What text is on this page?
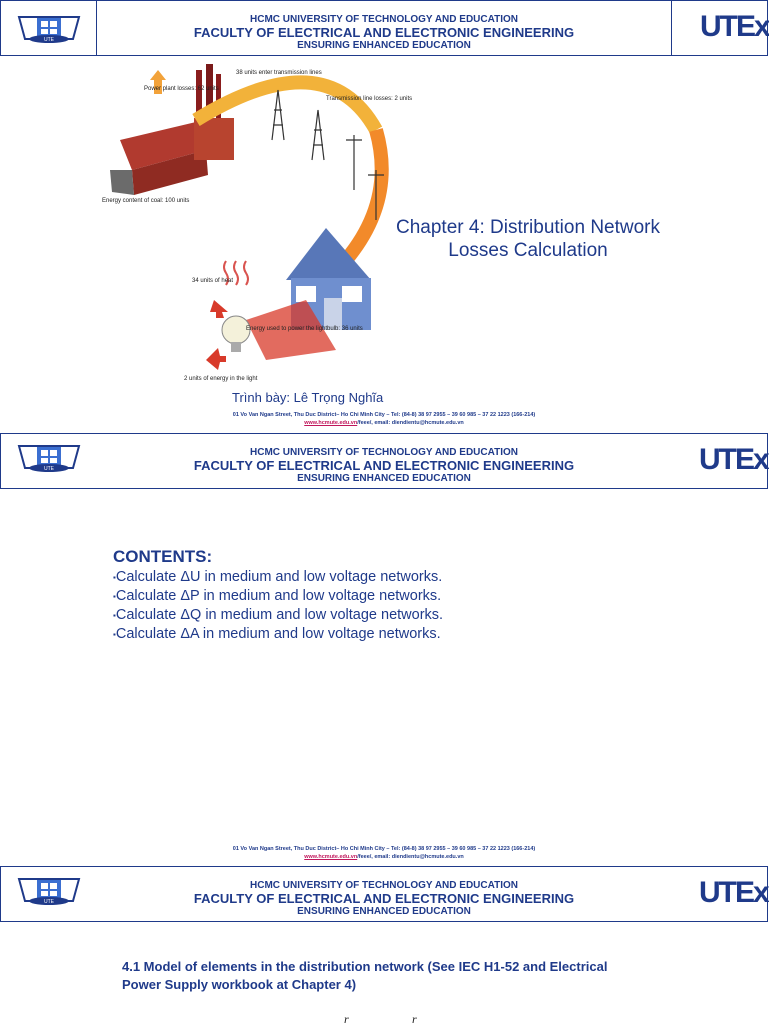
UTE
HCMC UNIVERSITY OF TECHNOLOGY AND EDUCATION
FACULTY OF ELECTRICAL AND ELECTRONIC ENGINEERING
ENSURING ENHANCED EDUCATION
UTEx
Power plant losses: 62 units
38 units enter transmission lines
Transmission line losses: 2 units
Energy content of coal: 100 units
34 units of heat
Energy used to power the lightbulb: 36 units
2 units of energy in the light
Chapter 4: Distribution Network Losses Calculation
Trình bày: Lê Trọng Nghĩa
01 Vo Van Ngan Street, Thu Duc District– Ho Chi Minh City – Tel: (84-8) 38 97 2955 – 39 60 985 – 37 22 1223 (166-214)
www.hcmute.edu.vn/feee/, email: diendientu@hcmute.edu.vn
UTE
HCMC UNIVERSITY OF TECHNOLOGY AND EDUCATION
FACULTY OF ELECTRICAL AND ELECTRONIC ENGINEERING
ENSURING ENHANCED EDUCATION
UTEx
CONTENTS:
▪Calculate ΔU in medium and low voltage networks.
▪Calculate ΔP in medium and low voltage networks.
▪Calculate ΔQ in medium and low voltage networks.
▪Calculate ΔA in medium and low voltage networks.
01 Vo Van Ngan Street, Thu Duc District– Ho Chi Minh City – Tel: (84-8) 38 97 2955 – 39 60 985 – 37 22 1223 (166-214)
www.hcmute.edu.vn/feee/, email: diendientu@hcmute.edu.vn
UTE
HCMC UNIVERSITY OF TECHNOLOGY AND EDUCATION
FACULTY OF ELECTRICAL AND ELECTRONIC ENGINEERING
ENSURING ENHANCED EDUCATION
UTEx
4.1 Model of elements in the distribution network (See IEC H1-52 and Electrical Power Supply workbook at Chapter 4)
r	r
